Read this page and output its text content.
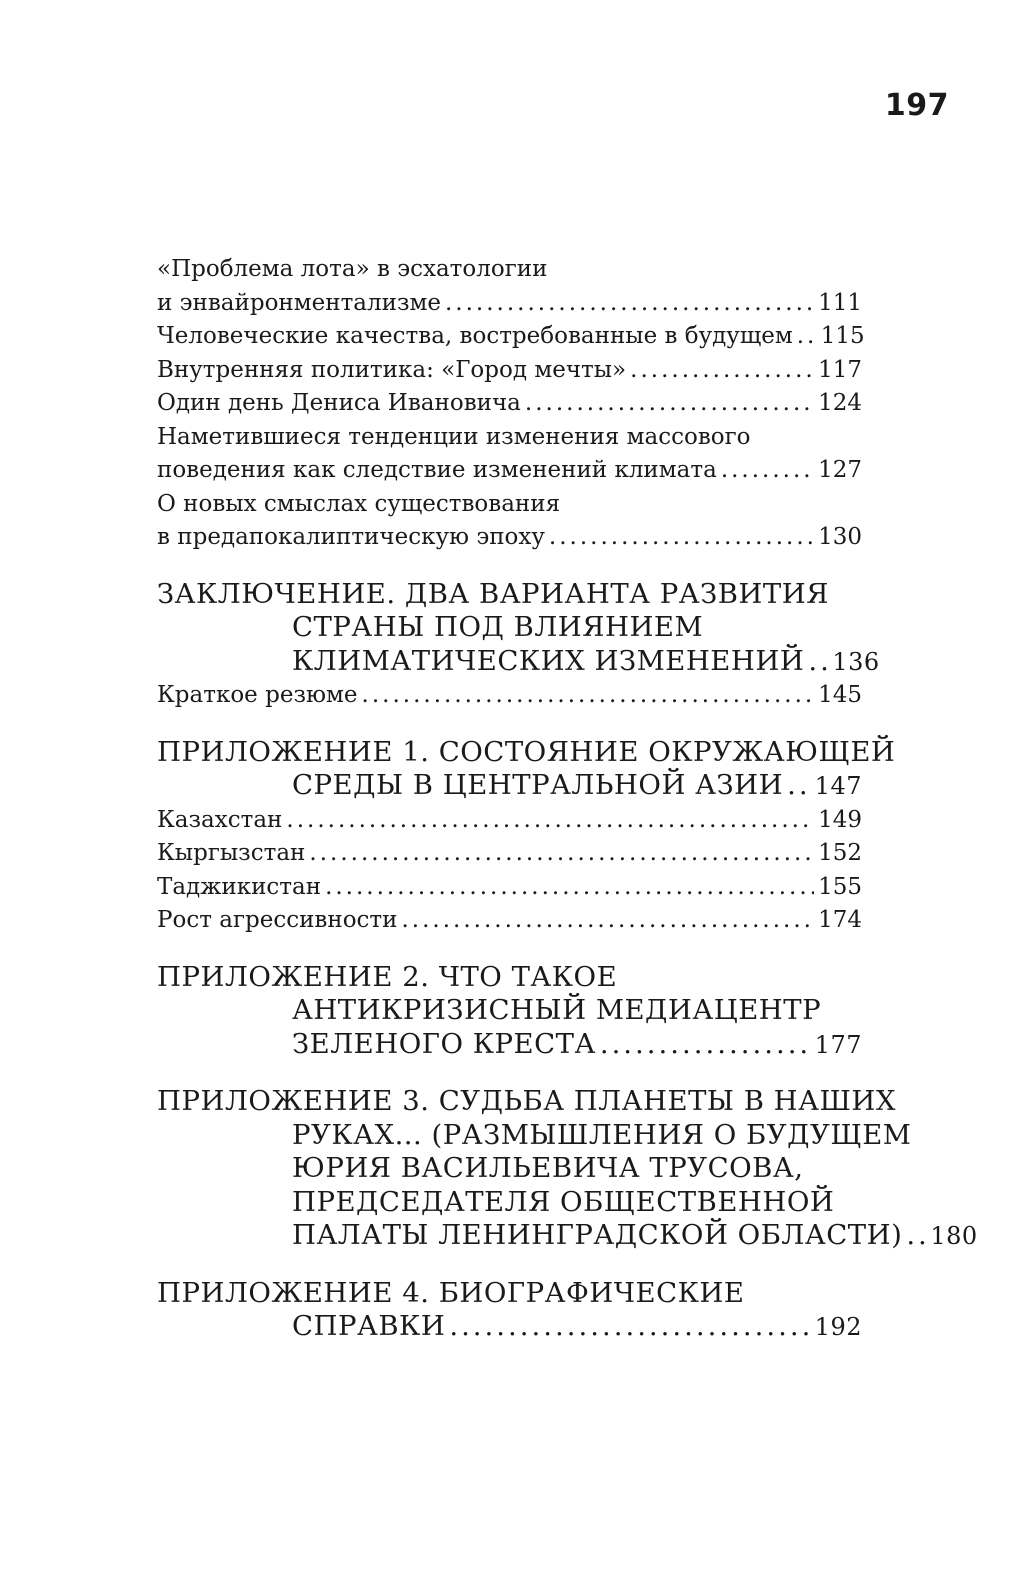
197
«Проблема лота» в эсхатологии
и энвайронментализме .....	111
Человеческие качества, востребованные в будущем ..... 115
Внутренняя политика: «Город мечты» .....	117
Один день Дениса Ивановича .....	124
Наметившиеся тенденции изменения массового
поведения как следствие изменений климата .....	127
О новых смыслах существования
в предапокалиптическую эпоху .....	130
ЗАКЛЮЧЕНИЕ. ДВА ВАРИАНТА РАЗВИТИЯ
СТРАНЫ ПОД ВЛИЯНИЕМ
КЛИМАТИЧЕСКИХ ИЗМЕНЕНИЙ ..... 136
Краткое резюме .....	145
ПРИЛОЖЕНИЕ 1. СОСТОЯНИЕ ОКРУЖАЮЩЕЙ
СРЕДЫ В ЦЕНТРАЛЬНОЙ АЗИИ ..... 147
Казахстан .....	149
Кыргызстан .....	152
Таджикистан .....	155
Рост агрессивности .....	174
ПРИЛОЖЕНИЕ 2. ЧТО ТАКОЕ
АНТИКРИЗИСНЫЙ МЕДИАЦЕНТР
ЗЕЛЕНОГО КРЕСТА .....	177
ПРИЛОЖЕНИЕ 3. СУДЬБА ПЛАНЕТЫ В НАШИХ
РУКАХ... (РАЗМЫШЛЕНИЯ О БУДУЩЕМ
ЮРИЯ ВАСИЛЬЕВИЧА ТРУСОВА,
ПРЕДСЕДАТЕЛЯ ОБЩЕСТВЕННОЙ
ПАЛАТЫ ЛЕНИНГРАДСКОЙ ОБЛАСТИ) ..... 180
ПРИЛОЖЕНИЕ 4. БИОГРАФИЧЕСКИЕ
СПРАВКИ .....	192
